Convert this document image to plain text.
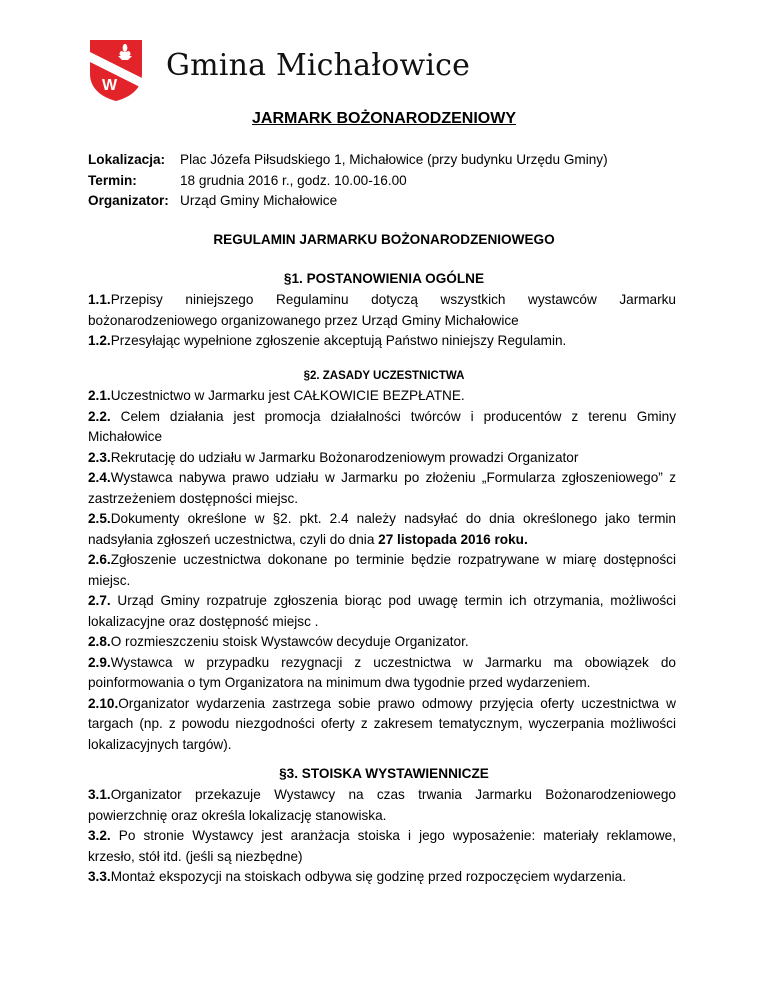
W
Gmina Michałowice
JARMARK BOŻONARODZENIOWY
Lokalizacja:	Plac Józefa Piłsudskiego 1, Michałowice (przy budynku Urzędu Gminy)
Termin:	18 grudnia 2016 r., godz. 10.00-16.00
Organizator: Urząd Gminy Michałowice
REGULAMIN JARMARKU BOŻONARODZENIOWEGO
§1. POSTANOWIENIA OGÓLNE

1.1.Przepisy niniejszego Regulaminu dotyczą wszystkich wystawców Jarmarku bożonarodzeniowego organizowanego przez Urząd Gminy Michałowice

1.2.Przesyłając wypełnione zgłoszenie akceptują Państwo niniejszy Regulamin.

§2. ZASADY UCZESTNICTWA

2.1.Uczestnictwo w Jarmarku jest CAŁKOWICIE BEZPŁATNE.

2.2. Celem działania jest promocja działalności twórców i producentów z terenu Gminy Michałowice

2.3.Rekrutację do udziału w Jarmarku Bożonarodzeniowym prowadzi Organizator

2.4.Wystawca nabywa prawo udziału w Jarmarku po złożeniu „Formularza zgłoszeniowego” z zastrzeżeniem dostępności miejsc.

2.5.Dokumenty określone w §2. pkt. 2.4 należy nadsyłać do dnia określonego jako termin nadsyłania zgłoszeń uczestnictwa, czyli do dnia 27 listopada 2016 roku.

2.6.Zgłoszenie uczestnictwa dokonane po terminie będzie rozpatrywane w miarę dostępności miejsc.

2.7. Urząd Gminy rozpatruje zgłoszenia biorąc pod uwagę termin ich otrzymania, możliwości lokalizacyjne oraz dostępność miejsc .

2.8.O rozmieszczeniu stoisk Wystawców decyduje Organizator.

2.9.Wystawca w przypadku rezygnacji z uczestnictwa w Jarmarku ma obowiązek do poinformowania o tym Organizatora na minimum dwa tygodnie przed wydarzeniem.

2.10.Organizator wydarzenia zastrzega sobie prawo odmowy przyjęcia oferty uczestnictwa w targach (np. z powodu niezgodności oferty z zakresem tematycznym, wyczerpania możliwości lokalizacyjnych targów).

§3. STOISKA WYSTAWIENNICZE

3.1.Organizator przekazuje Wystawcy na czas trwania Jarmarku Bożonarodzeniowego powierzchnię oraz określa lokalizację stanowiska.

3.2. Po stronie Wystawcy jest aranżacja stoiska i jego wyposażenie: materiały reklamowe, krzesło, stół itd. (jeśli są niezbędne)

3.3.Montaż ekspozycji na stoiskach odbywa się godzinę przed rozpoczęciem wydarzenia.
